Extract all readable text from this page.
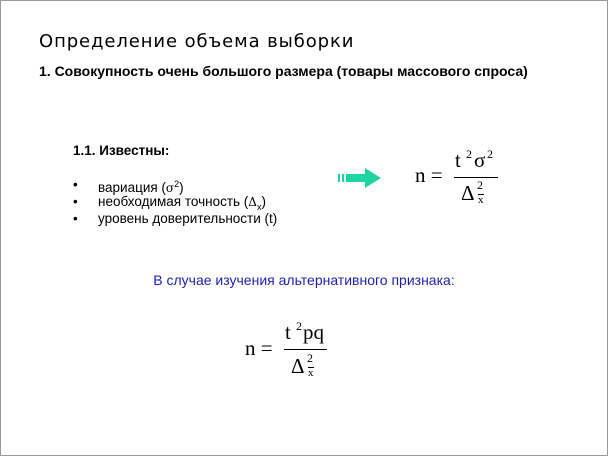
Определение объема выборки
1. Совокупность очень большого размера (товары массового спроса)
1.1. Известны:
• вариация $(\sigma^2)$
• необходимая точность $(\Delta_x)$
• уровень доверительности (t)
n =
t 2 σ 2
Δ 2
x
В случае изучения альтернативного признака:
n =
t 2 pq
Δ 2
x
